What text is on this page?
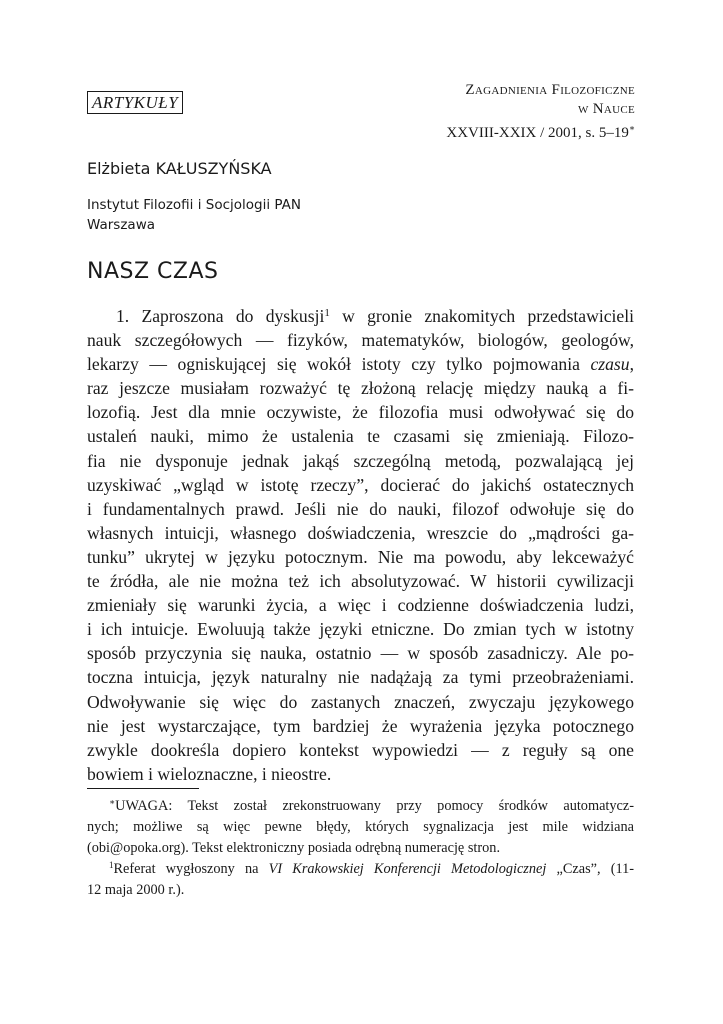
ARTYKUŁY
Zagadnienia Filozoficzne
w Nauce
XXVIII-XXIX / 2001, s. 5–19∗
Elżbieta KAŁUSZYŃSKA
Instytut Filozofii i Socjologii PAN
Warszawa
NASZ CZAS
1. Zaproszona do dyskusji$^1$ w gronie znakomitych przedstawicieli
nauk szczegółowych — fizyków, matematyków, biologów, geologów,
lekarzy — ogniskującej się wokół istoty czy tylko pojmowania czasu,
raz jeszcze musiałam rozważyć tę złożoną relację między nauką a fi-
lozofią. Jest dla mnie oczywiste, że filozofia musi odwoływać się do
ustaleń nauki, mimo że ustalenia te czasami się zmieniają. Filozo-
fia nie dysponuje jednak jakąś szczególną metodą, pozwalającą jej
uzyskiwać „wgląd w istotę rzeczy”, docierać do jakichś ostatecznych
i fundamentalnych prawd. Jeśli nie do nauki, filozof odwołuje się do
własnych intuicji, własnego doświadczenia, wreszcie do „mądrości ga-
tunku” ukrytej w języku potocznym. Nie ma powodu, aby lekceważyć
te źródła, ale nie można też ich absolutyzować. W historii cywilizacji
zmieniały się warunki życia, a więc i codzienne doświadczenia ludzi,
i ich intuicje. Ewoluują także języki etniczne. Do zmian tych w istotny
sposób przyczynia się nauka, ostatnio — w sposób zasadniczy. Ale po-
toczna intuicja, język naturalny nie nadążają za tymi przeobrażeniami.
Odwoływanie się więc do zastanych znaczeń, zwyczaju językowego
nie jest wystarczające, tym bardziej że wyrażenia języka potocznego
zwykle dookreśla dopiero kontekst wypowiedzi — z reguły są one
bowiem i wieloznaczne, i nieostre.
∗UWAGA: Tekst został zrekonstruowany przy pomocy środków automatycz-
nych; możliwe są więc pewne błędy, których sygnalizacja jest mile widziana
(obi@opoka.org). Tekst elektroniczny posiada odrębną numerację stron.
$^1$Referat wygłoszony na VI Krakowskiej Konferencji Metodologicznej „Czas”, (11-
12 maja 2000 r.).
